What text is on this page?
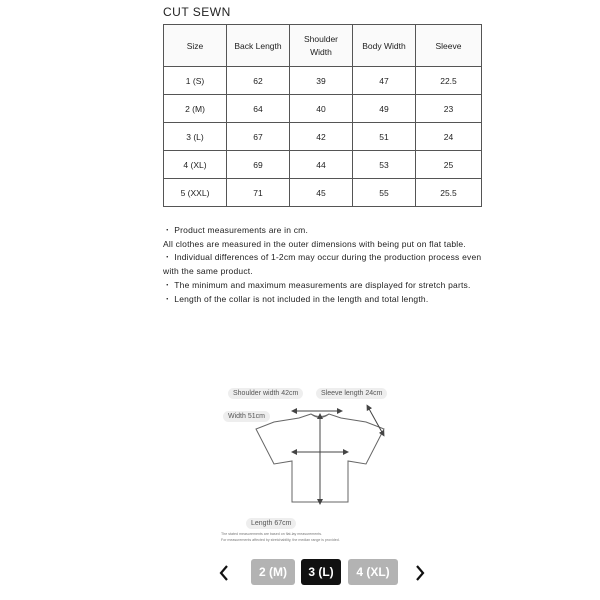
CUT SEWN
Size	Back Length	Shoulder Width	Body Width	Sleeve
1 (S)	62	39	47	22.5
2 (M)	64	40	49	23
3 (L)	67	42	51	24
4 (XL)	69	44	53	25
5 (XXL)	71	45	55	25.5

・ Product measurements are in cm.

All clothes are measured in the outer dimensions with being put on flat table.

・ Individual differences of 1-2cm may occur during the production process even with the same product.

・ The minimum and maximum measurements are displayed for stretch parts.

・ Length of the collar is not included in the length and total length.

Shoulder width 42cm	Sleeve length 24cm
Width 51cm
Length 67cm
The stated measurements are based on flat-lay measurements.
For measurements affected by stretchability, the median range is provided.
2 (M)	3 (L)	4 (XL)
